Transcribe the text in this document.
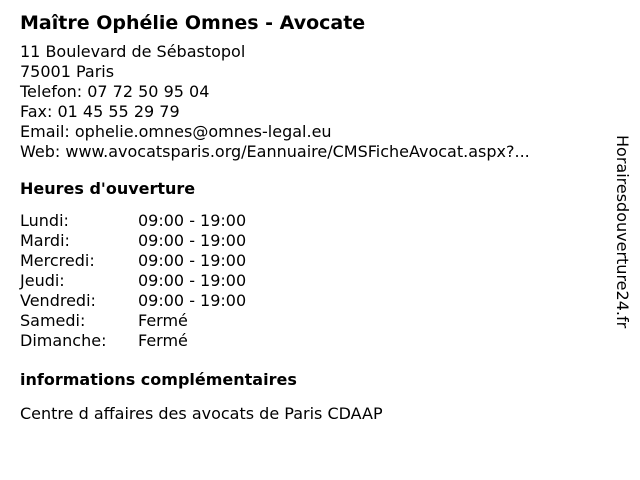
Maître Ophélie Omnes - Avocate
11 Boulevard de Sébastopol
75001 Paris
Telefon: 07 72 50 95 04
Fax: 01 45 55 29 79
Email: ophelie.omnes@omnes-legal.eu
Web: www.avocatsparis.org/Eannuaire/CMSFicheAvocat.aspx?...
Heures d'ouverture
Lundi:	09:00 - 19:00
Mardi:	09:00 - 19:00
Mercredi:	09:00 - 19:00
Jeudi:	09:00 - 19:00
Vendredi:	09:00 - 19:00
Samedi:	Fermé
Dimanche:	Fermé
informations complémentaires
Centre d affaires des avocats de Paris CDAAP
Horairesdouverture24.fr
